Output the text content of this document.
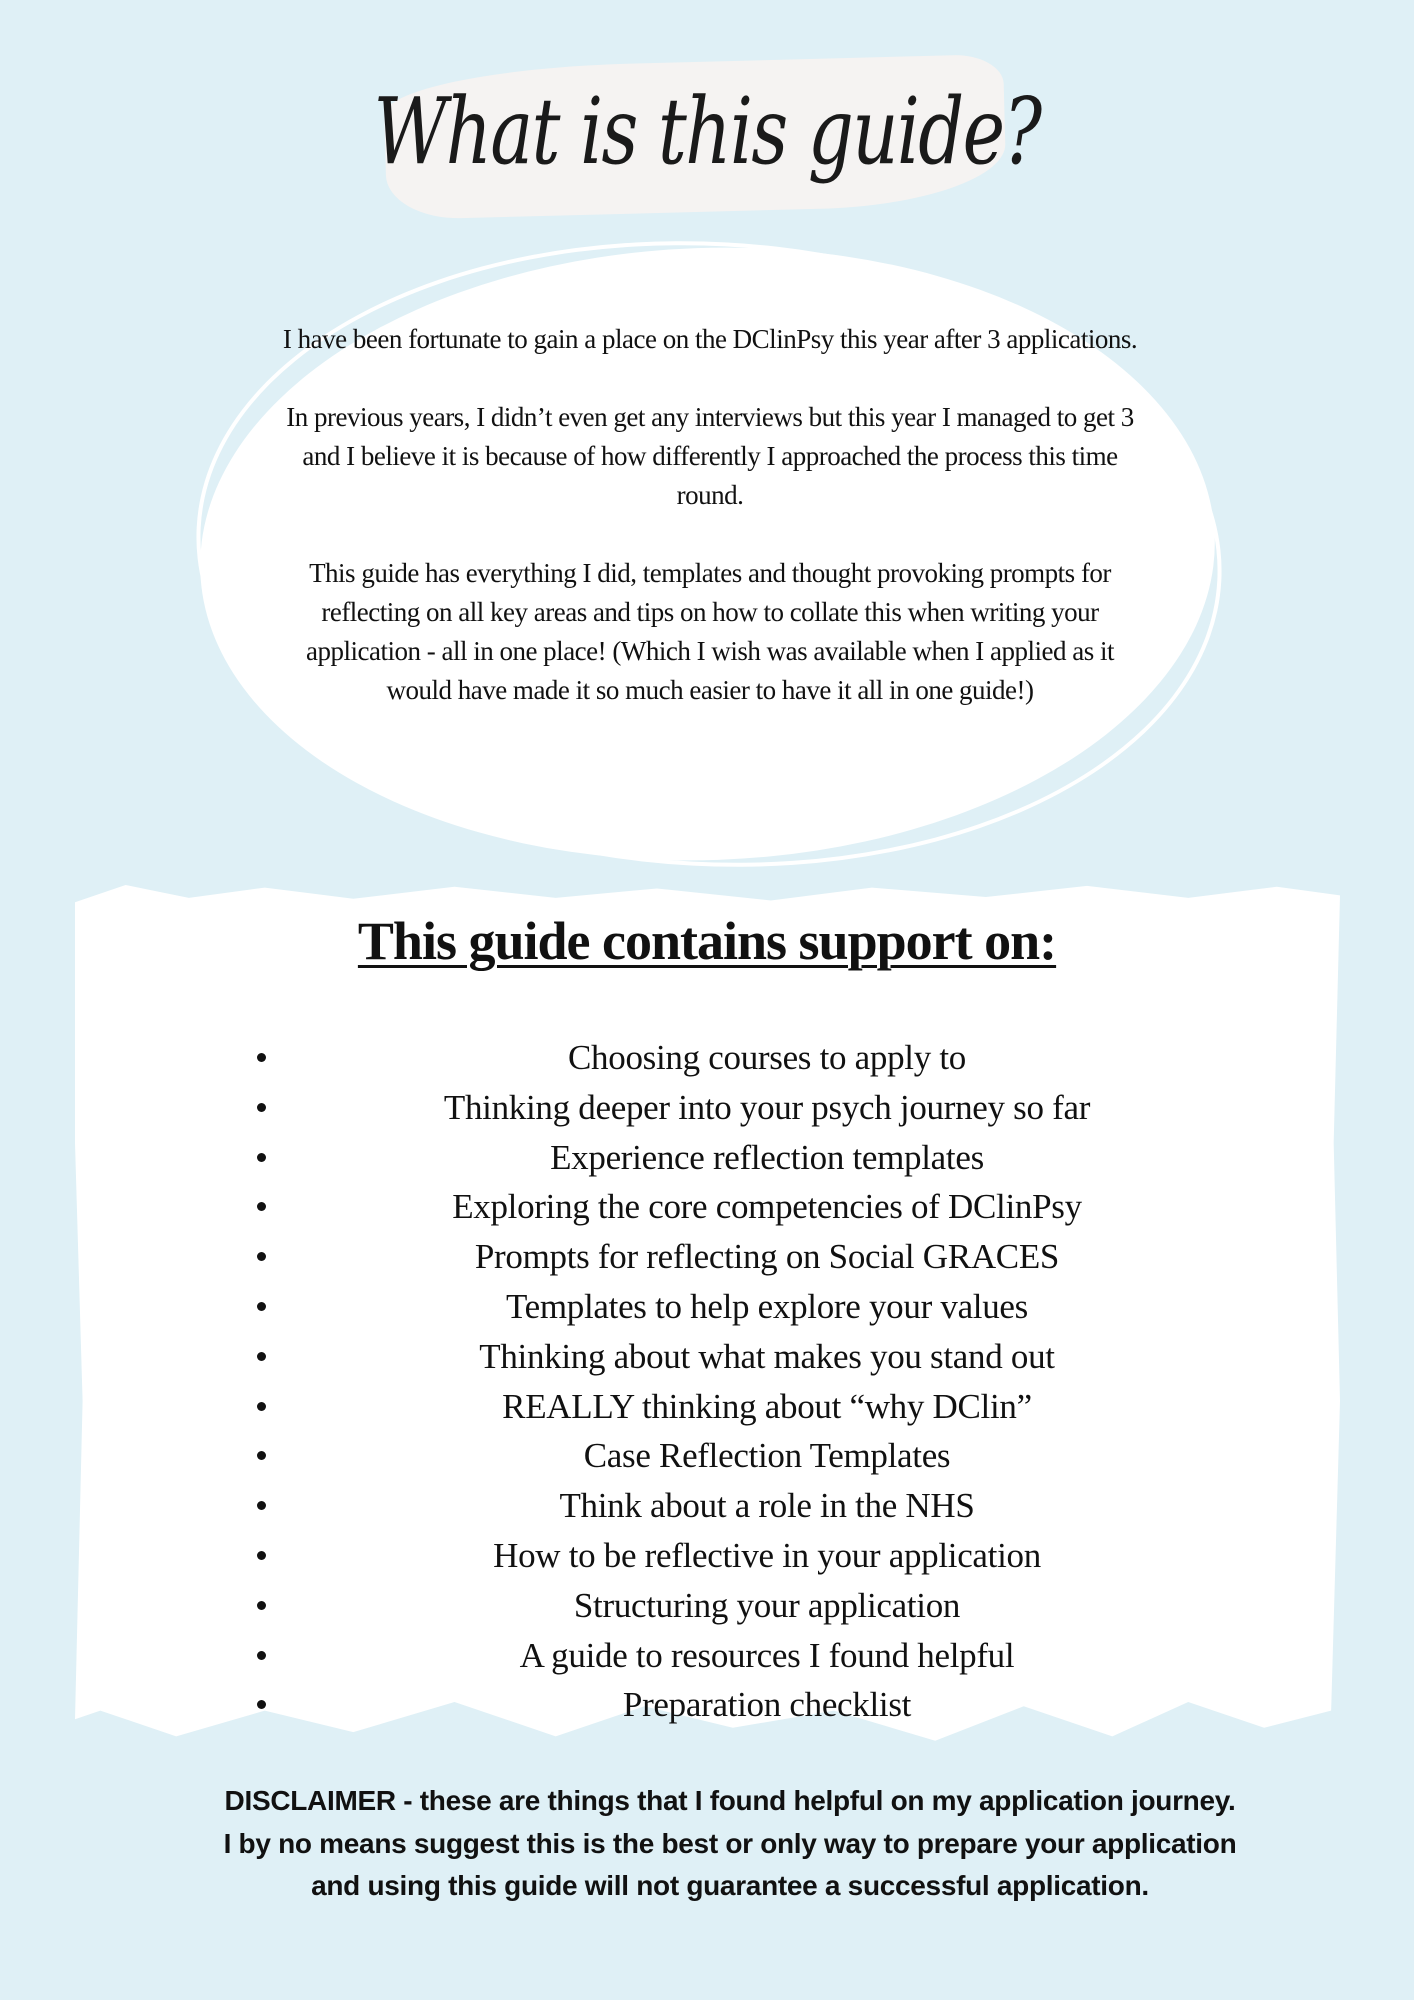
What is this guide?

I have been fortunate to gain a place on the DClinPsy this year after 3 applications.

In previous years, I didn’t even get any interviews but this year I managed to get 3 and I believe it is because of how differently I approached the process this time round.

This guide has everything I did, templates and thought provoking prompts for reflecting on all key areas and tips on how to collate this when writing your application - all in one place! (Which I wish was available when I applied as it would have made it so much easier to have it all in one guide!)

This guide contains support on:
Choosing courses to apply to
Thinking deeper into your psych journey so far
Experience reflection templates
Exploring the core competencies of DClinPsy
Prompts for reflecting on Social GRACES
Templates to help explore your values
Thinking about what makes you stand out
REALLY thinking about “why DClin”
Case Reflection Templates
Think about a role in the NHS
How to be reflective in your application
Structuring your application
A guide to resources I found helpful
Preparation checklist
DISCLAIMER - these are things that I found helpful on my application journey.
I by no means suggest this is the best or only way to prepare your application
and using this guide will not guarantee a successful application.
